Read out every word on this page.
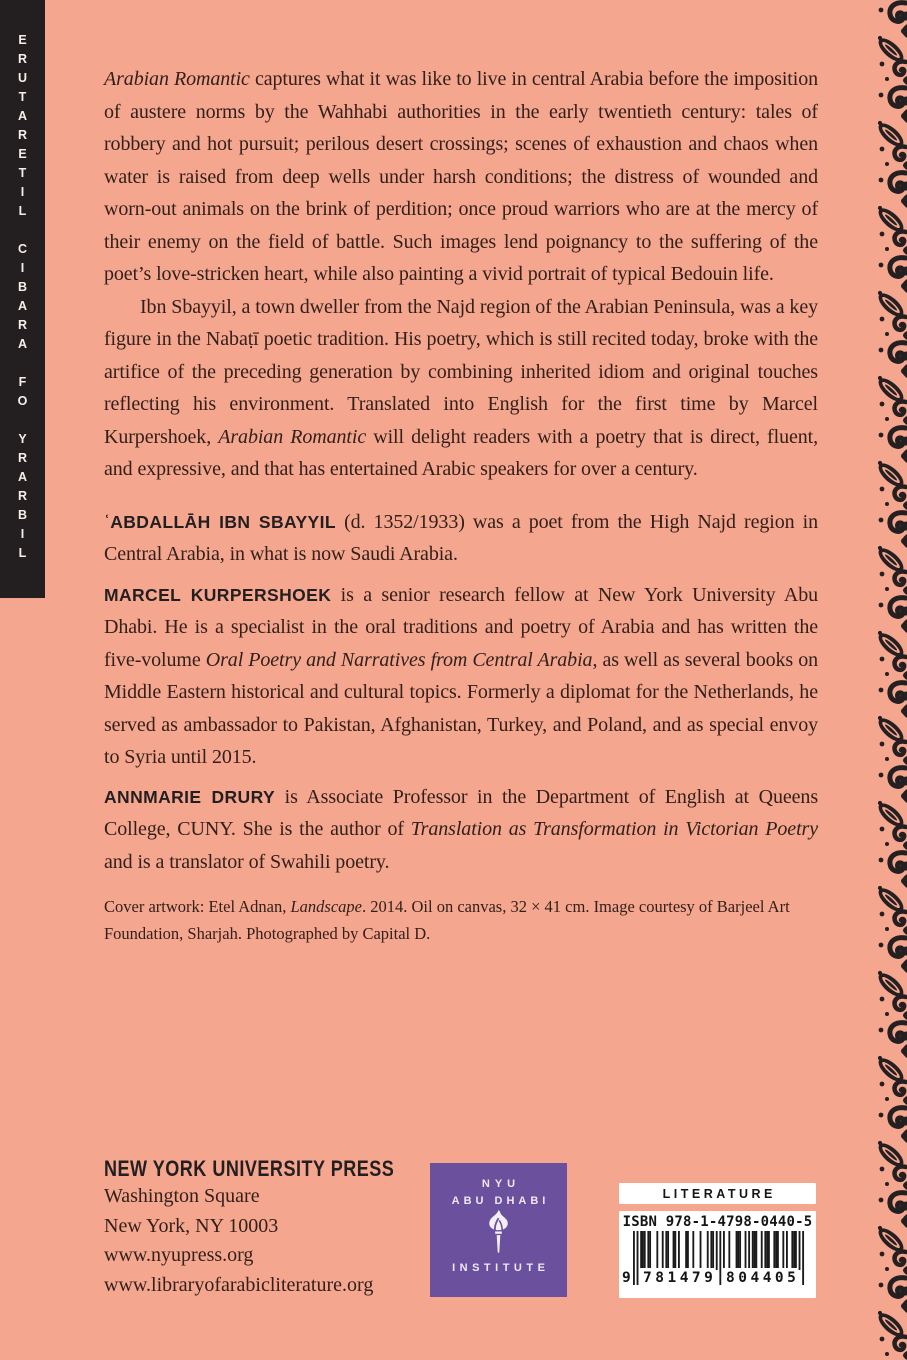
ERUTARETIL CIBARA FO YRARBIL	Arabian Romantic captures what it was like to live in central Arabia before the imposition of austere norms by the Wahhabi authorities in the early twentieth century: tales of robbery and hot pursuit; perilous desert crossings; scenes of exhaustion and chaos when water is raised from deep wells under harsh conditions; the distress of wounded and worn-out animals on the brink of perdition; once proud warriors who are at the mercy of their enemy on the field of battle. Such images lend poignancy to the suffering of the poet’s love-stricken heart, while also painting a vivid portrait of typical Bedouin life.

Ibn Sbayyil, a town dweller from the Najd region of the Arabian Peninsula, was a key figure in the Nabaṭī poetic tradition. His poetry, which is still recited today, broke with the artifice of the preceding generation by combining inherited idiom and original touches reflecting his environment. Translated into English for the first time by Marcel Kurpershoek, Arabian Romantic will delight readers with a poetry that is direct, fluent, and expressive, and that has entertained Arabic speakers for over a century.

ʿABDALLĀH IBN SBAYYIL (d. 1352/1933) was a poet from the High Najd region in Central Arabia, in what is now Saudi Arabia.

MARCEL KURPERSHOEK is a senior research fellow at New York University Abu Dhabi. He is a specialist in the oral traditions and poetry of Arabia and has written the five-volume Oral Poetry and Narratives from Central Arabia, as well as several books on Middle Eastern historical and cultural topics. Formerly a diplomat for the Netherlands, he served as ambassador to Pakistan, Afghanistan, Turkey, and Poland, and as special envoy to Syria until 2015.

ANNMARIE DRURY is Associate Professor in the Department of English at Queens College, CUNY. She is the author of Translation as Transformation in Victorian Poetry and is a translator of Swahili poetry.

Cover artwork: Etel Adnan, Landscape. 2014. Oil on canvas, 32 × 41 cm. Image courtesy of Barjeel Art Foundation, Sharjah. Photographed by Capital D.

NEW YORK UNIVERSITY PRESS
Washington Square
New York, NY 10003
www.nyupress.org
www.libraryofarabicliterature.org
NYU
ABU DHABI
INSTITUTE
LITERATURE
ISBN 978-1-4798-0440-5
9 781479 804405
